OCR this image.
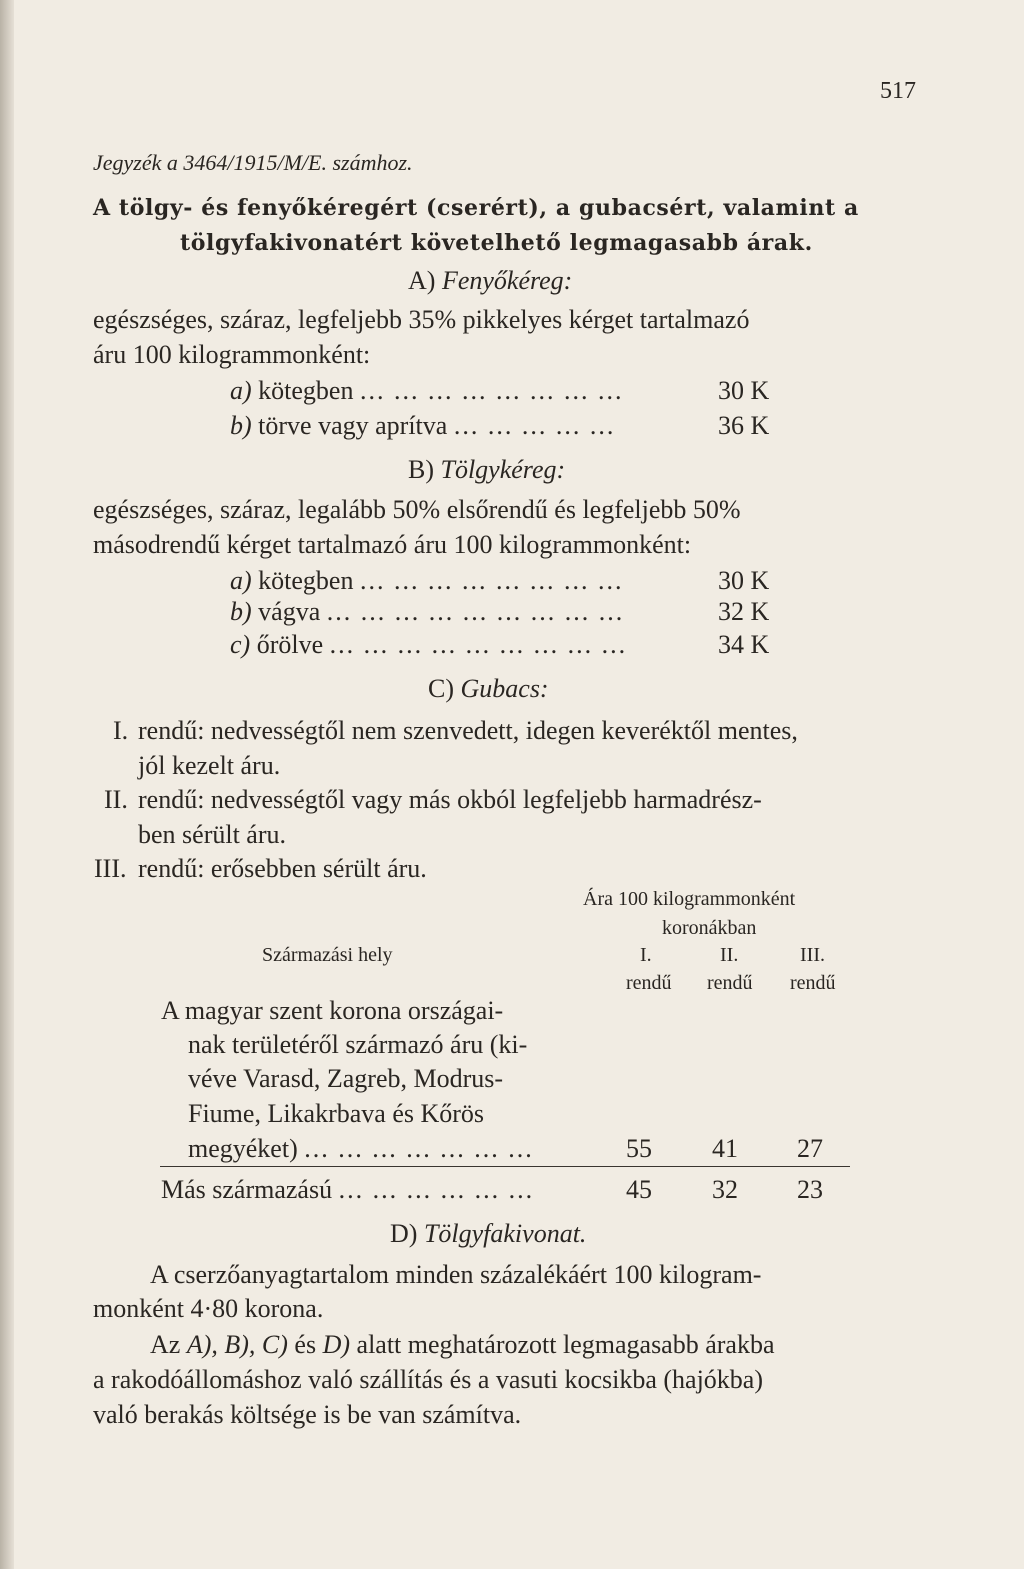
517
Jegyzék a 3464/1915/M/E. számhoz.
A tölgy- és fenyőkéregért (cserért), a gubacsért, valamint a
tölgyfakivonatért követelhető legmagasabb árak.
A) Fenyőkéreg:
egészséges, száraz, legfeljebb 35% pikkelyes kérget tartalmazó
áru 100 kilogrammonként:
a) kötegben ... ... ... ... ... ... ... ...	30 K
b) törve vagy aprítva ... ... ... ... ...	36 K
B) Tölgykéreg:
egészséges, száraz, legalább 50% elsőrendű és legfeljebb 50%
másodrendű kérget tartalmazó áru 100 kilogrammonként:
a) kötegben ... ... ... ... ... ... ... ...	30 K
b) vágva ... ... ... ... ... ... ... ... ...	32 K
c) őrölve ... ... ... ... ... ... ... ... ...	34 K
C) Gubacs:
I. rendű: nedvességtől nem szenvedett, idegen keveréktől mentes,
jól kezelt áru.
II. rendű: nedvességtől vagy más okból legfeljebb harmadrész-
ben sérült áru.
III. rendű: erősebben sérült áru.
Ára 100 kilogrammonként
koronákban
Származási hely	I.	II.	III.
rendű rendű rendű
A magyar szent korona országai-
nak területéről származó áru (ki-
véve Varasd, Zagreb, Modrus-
Fiume, Likakrbava és Kőrös
megyéket) ... ... ... ... ... ... ...	55 41 27
Más származású ... ... ... ... ... ...	45 32 23
D) Tölgyfakivonat.
A cserzőanyagtartalom minden százalékáért 100 kilogram-
monként 4·80 korona.
Az A), B), C) és D) alatt meghatározott legmagasabb árakba
a rakodóállomáshoz való szállítás és a vasuti kocsikba (hajókba)
való berakás költsége is be van számítva.
